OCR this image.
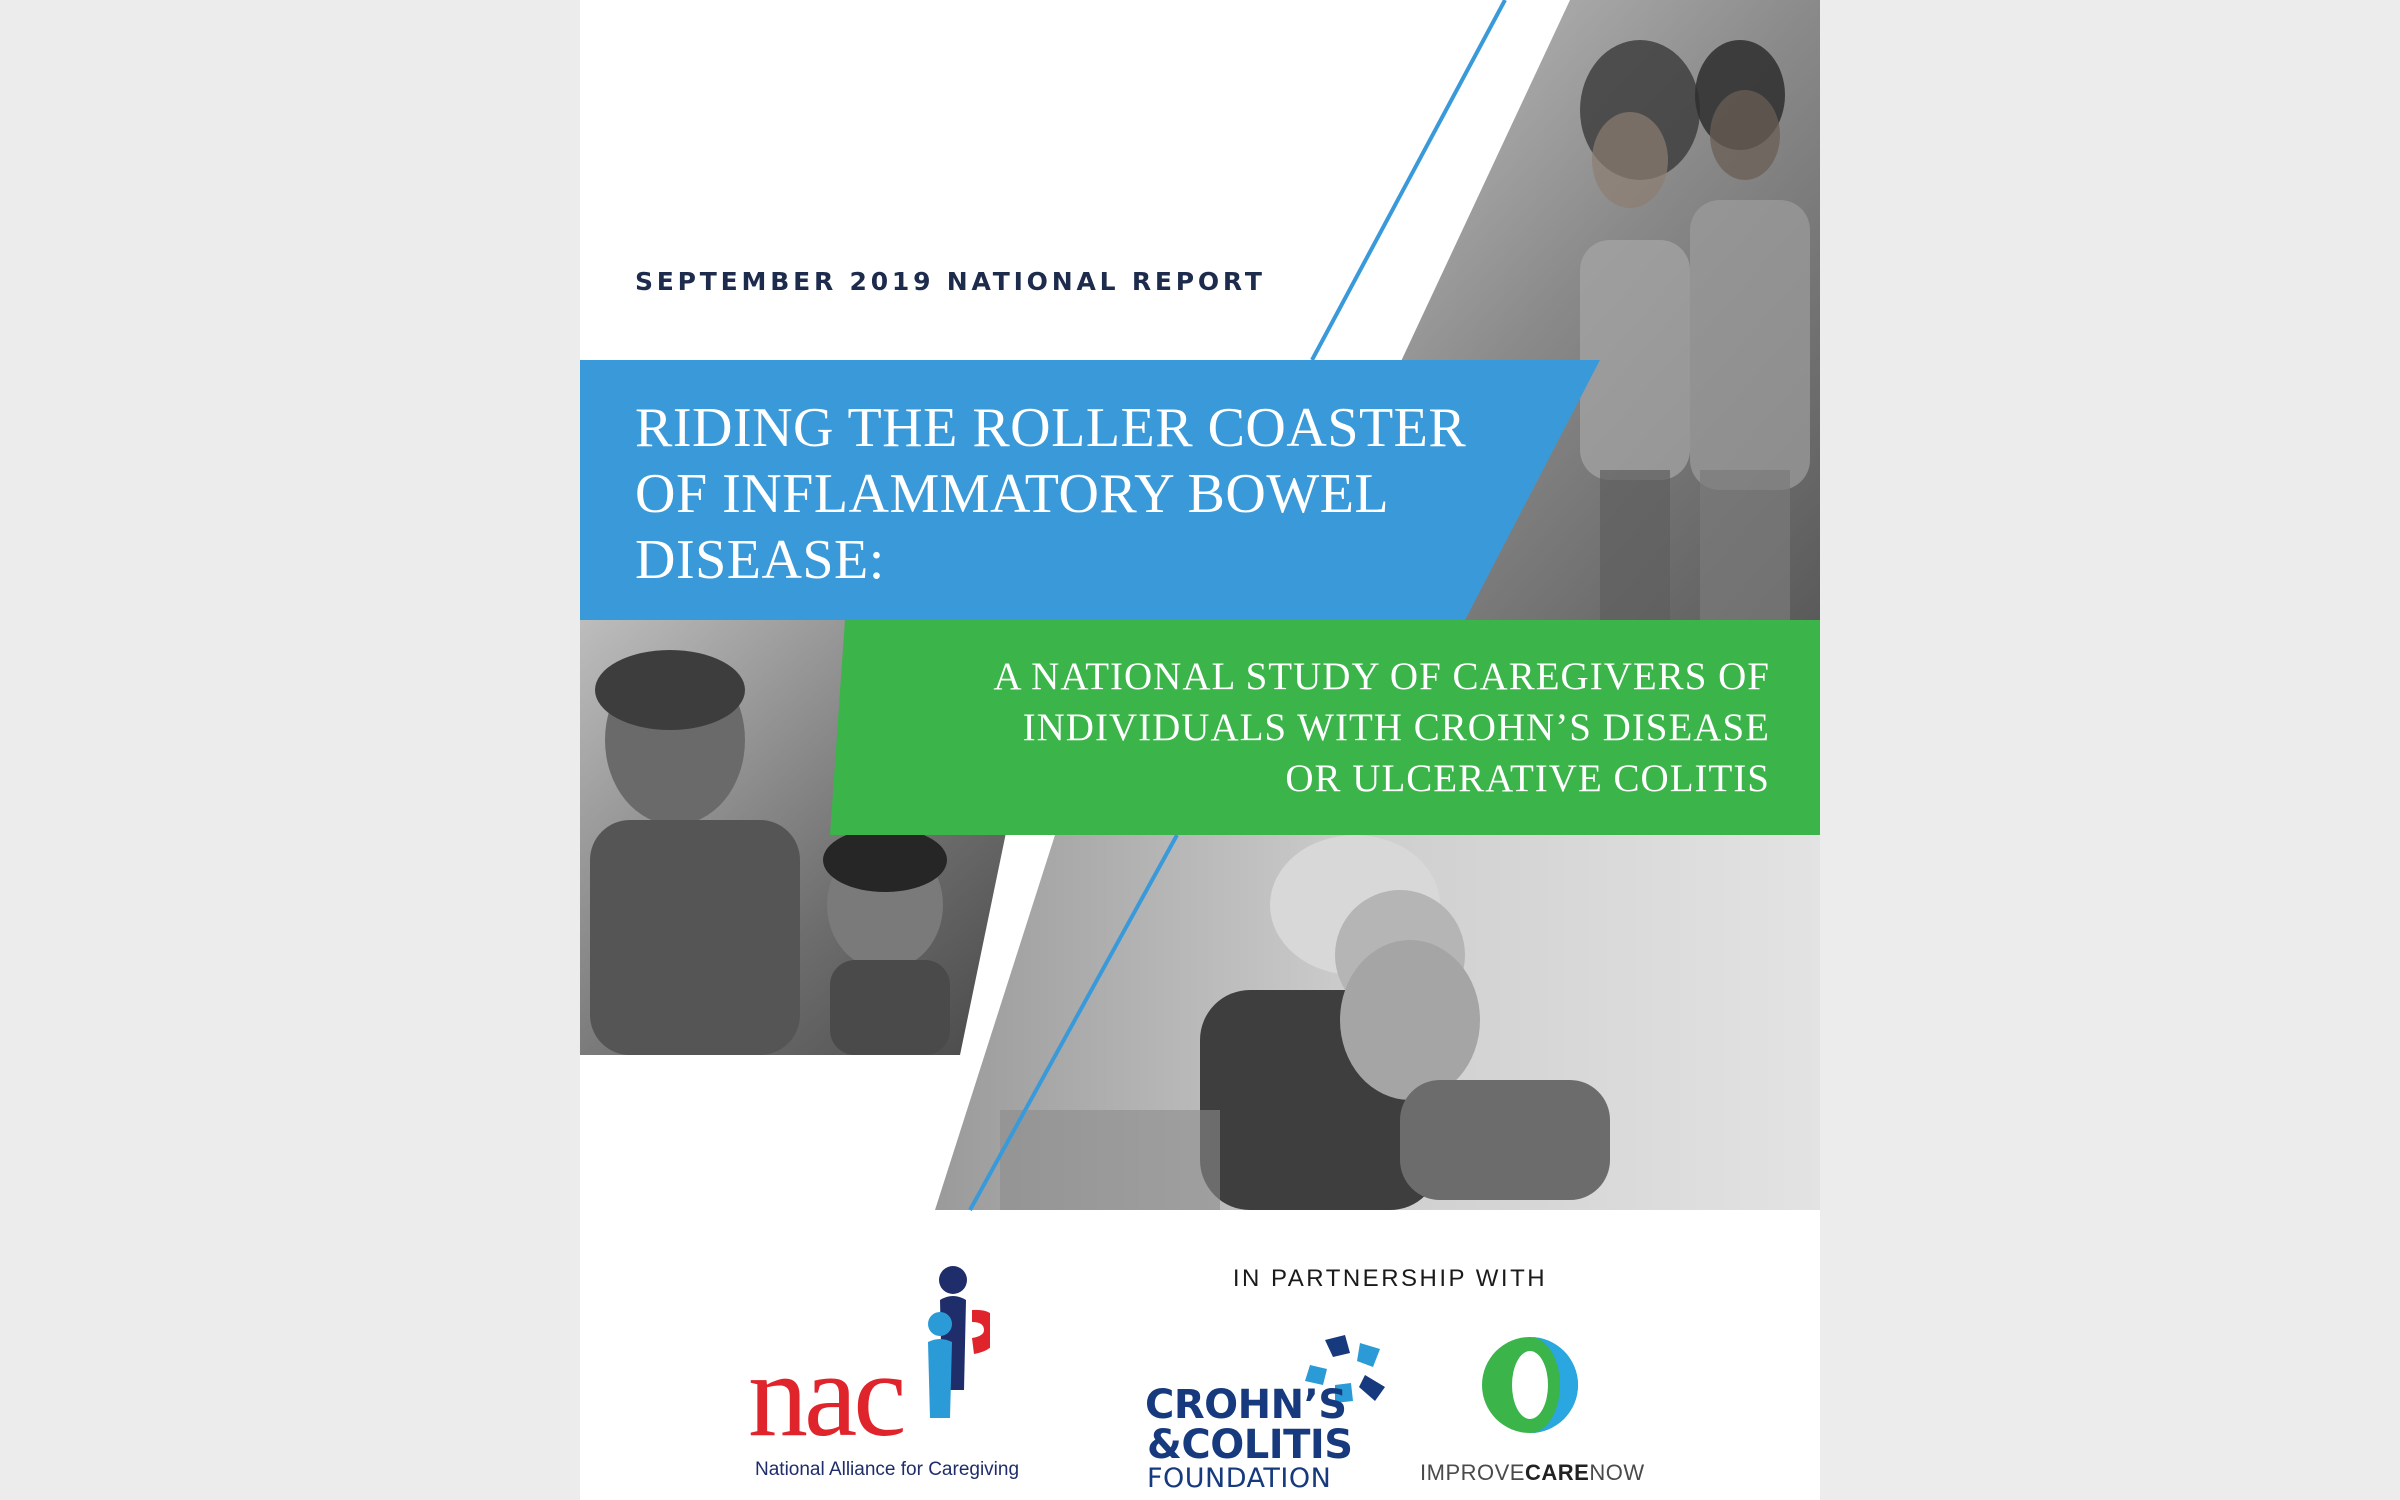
SEPTEMBER 2019 NATIONAL REPORT

RIDING THE ROLLER COASTER

OF INFLAMMATORY BOWEL

DISEASE:

A NATIONAL STUDY OF CAREGIVERS OF

INDIVIDUALS WITH CROHN’S DISEASE

OR ULCERATIVE COLITIS

IN PARTNERSHIP WITH

nac

National Alliance for Caregiving

CROHN’S

&COLITIS

FOUNDATION	IMPROVECARENOW
